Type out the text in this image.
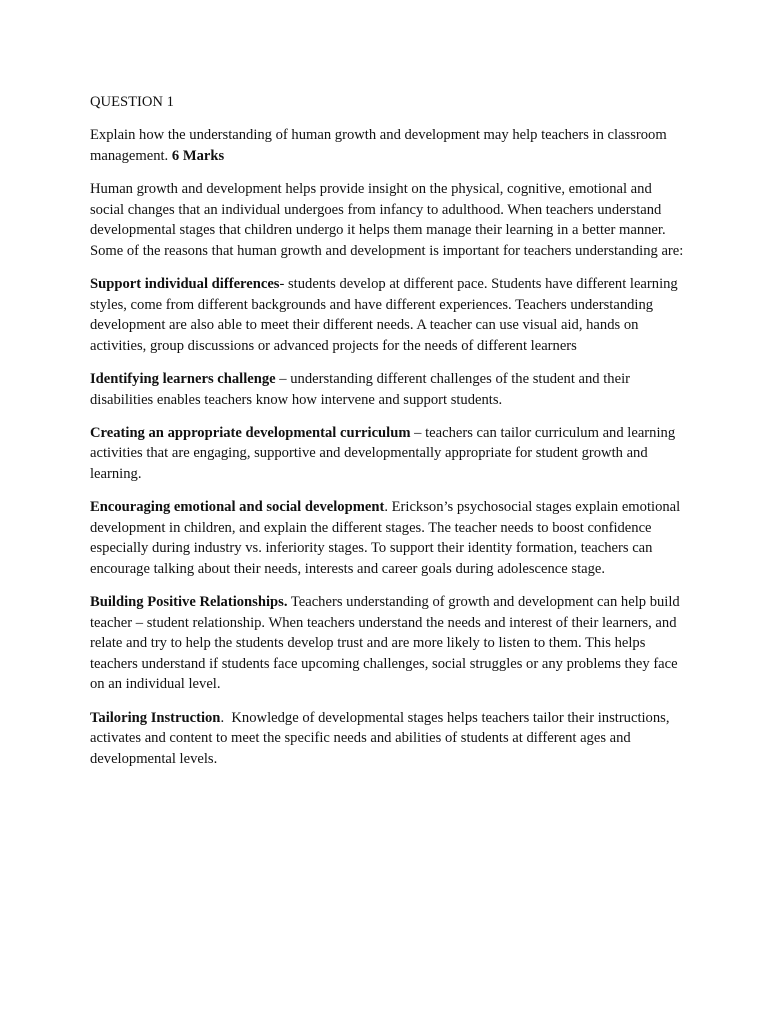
QUESTION 1

Explain how the understanding of human growth and development may help teachers in classroom management. 6 Marks

Human growth and development helps provide insight on the physical, cognitive, emotional and social changes that an individual undergoes from infancy to adulthood. When teachers understand developmental stages that children undergo it helps them manage their learning in a better manner. Some of the reasons that human growth and development is important for teachers understanding are:

Support individual differences- students develop at different pace. Students have different learning styles, come from different backgrounds and have different experiences. Teachers understanding development are also able to meet their different needs. A teacher can use visual aid, hands on activities, group discussions or advanced projects for the needs of different learners

Identifying learners challenge – understanding different challenges of the student and their disabilities enables teachers know how intervene and support students.

Creating an appropriate developmental curriculum – teachers can tailor curriculum and learning activities that are engaging, supportive and developmentally appropriate for student growth and learning.

Encouraging emotional and social development. Erickson’s psychosocial stages explain emotional development in children, and explain the different stages. The teacher needs to boost confidence especially during industry vs. inferiority stages. To support their identity formation, teachers can encourage talking about their needs, interests and career goals during adolescence stage.

Building Positive Relationships. Teachers understanding of growth and development can help build teacher – student relationship. When teachers understand the needs and interest of their learners, and relate and try to help the students develop trust and are more likely to listen to them. This helps teachers understand if students face upcoming challenges, social struggles or any problems they face on an individual level.

Tailoring Instruction.  Knowledge of developmental stages helps teachers tailor their instructions, activates and content to meet the specific needs and abilities of students at different ages and developmental levels.
